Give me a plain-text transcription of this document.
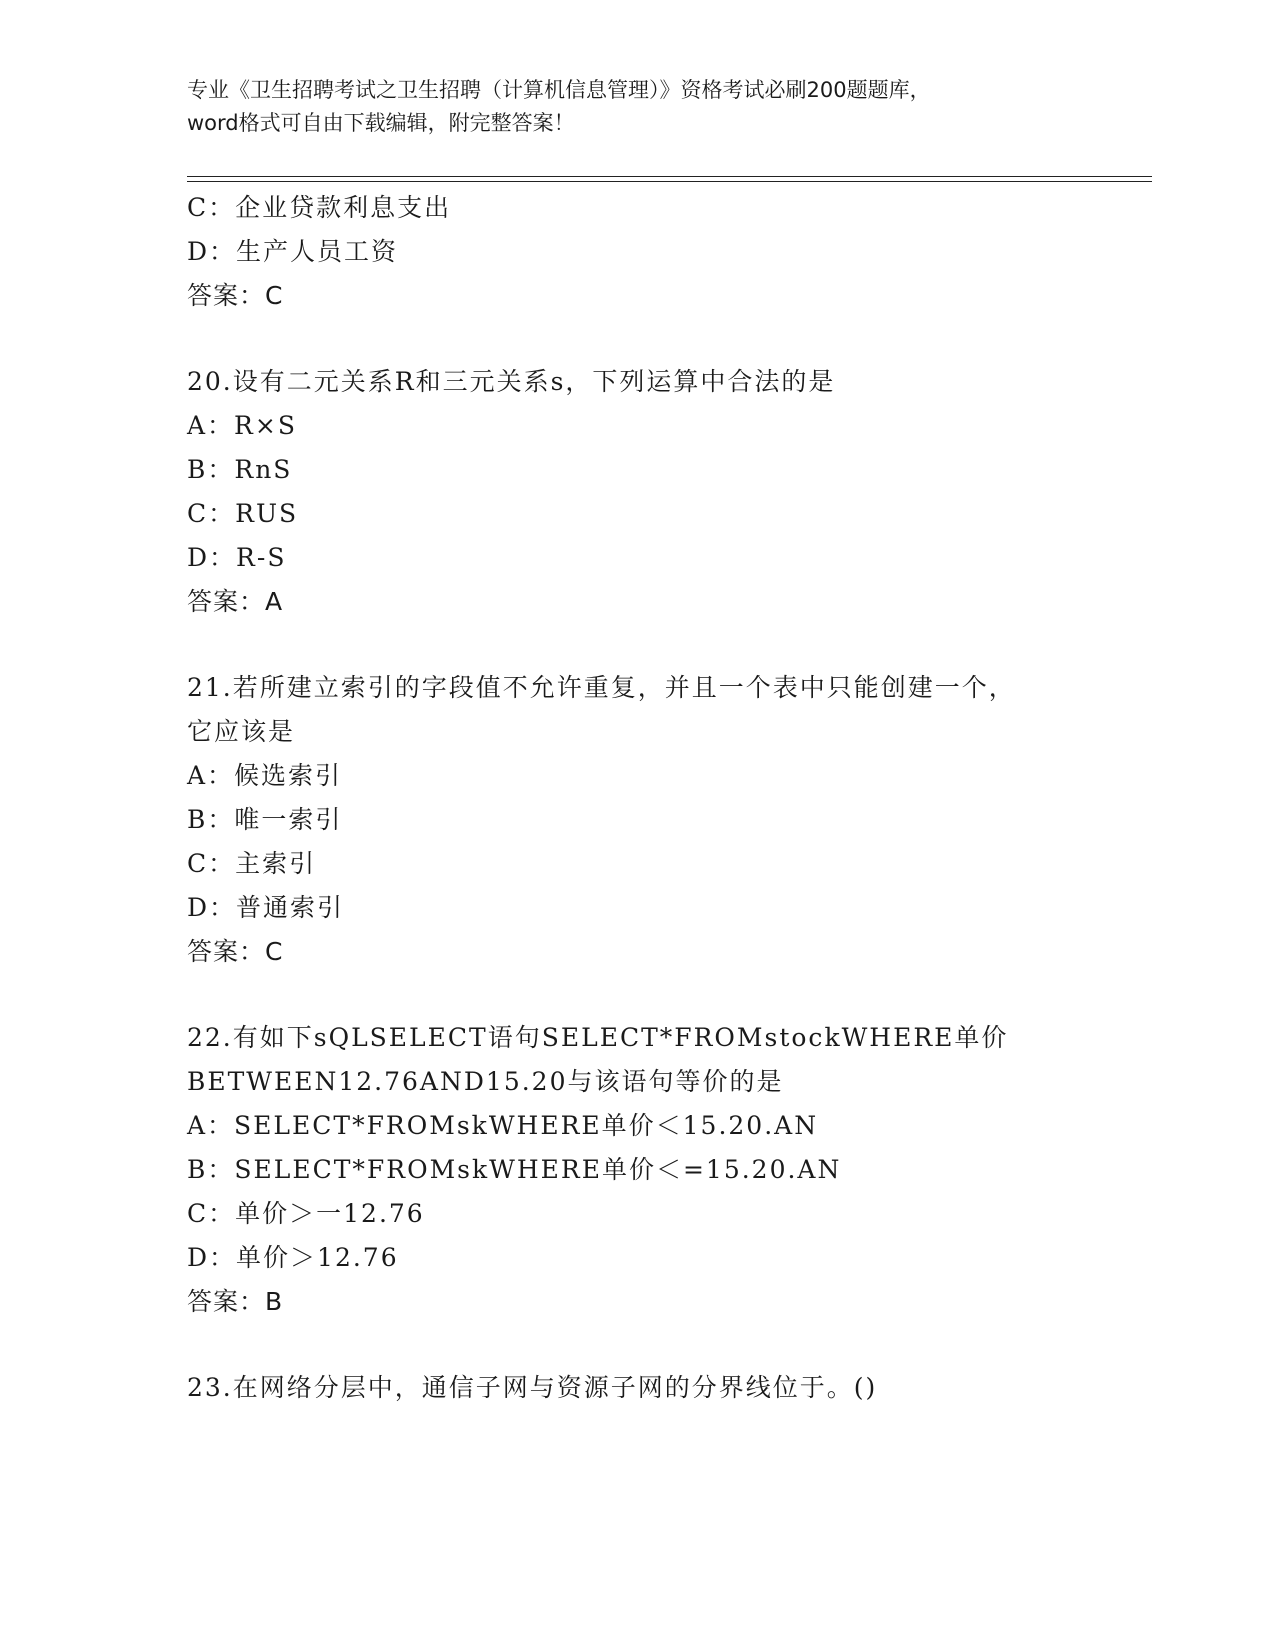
专业《卫生招聘考试之卫生招聘（计算机信息管理）》资格考试必刷200题题库，
word格式可自由下载编辑，附完整答案！
C：企业贷款利息支出
D：生产人员工资
答案：C
20.设有二元关系R和三元关系s，下列运算中合法的是
A：R×S
B：RnS
C：RUS
D：R-S
答案：A
21.若所建立索引的字段值不允许重复，并且一个表中只能创建一个，
它应该是
A：候选索引
B：唯一索引
C：主索引
D：普通索引
答案：C
22.有如下sQLSELECT语句SELECT*FROMstockWHERE单价
BETWEEN12.76AND15.20与该语句等价的是
A：SELECT*FROMskWHERE单价＜15.20.AN
B：SELECT*FROMskWHERE单价＜=15.20.AN
C：单价＞一12.76
D：单价＞12.76
答案：B
23.在网络分层中，通信子网与资源子网的分界线位于。()
